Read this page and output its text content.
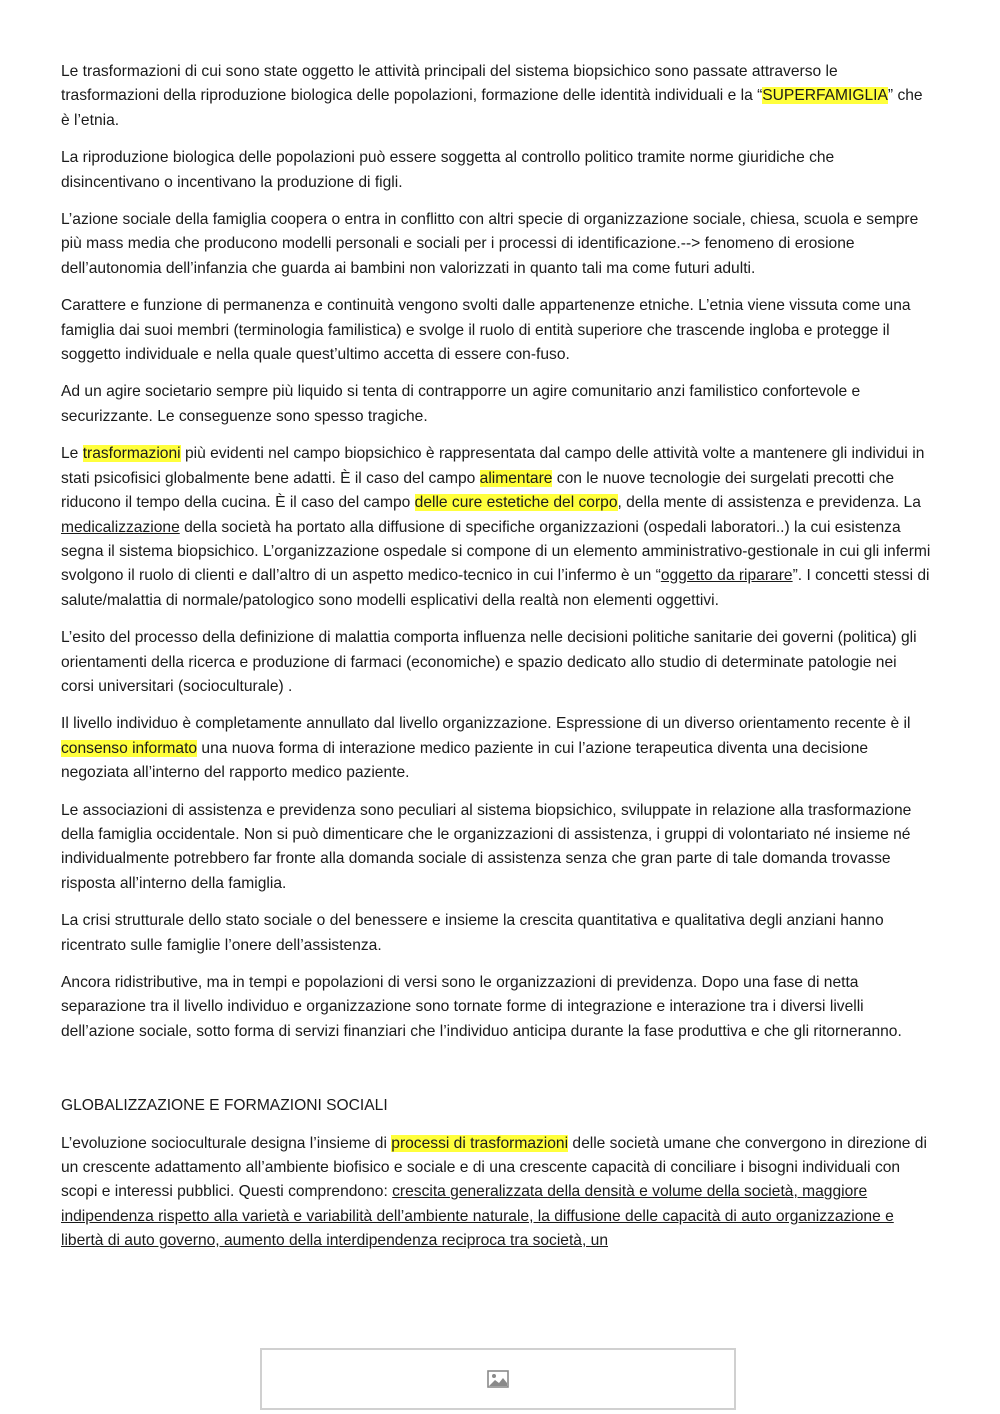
Le trasformazioni di cui sono state oggetto le attività principali del sistema biopsichico sono passate attraverso le trasformazioni della riproduzione biologica delle popolazioni, formazione delle identità individuali e la “SUPERFAMIGLIA” che è l’etnia.

La riproduzione biologica delle popolazioni può essere soggetta al controllo politico tramite norme giuridiche che disincentivano o incentivano la produzione di figli.

L’azione sociale della famiglia coopera o entra in conflitto con altri specie di organizzazione sociale, chiesa, scuola e sempre più mass media che producono modelli personali e sociali per i processi di identificazione.--> fenomeno di erosione dell’autonomia dell’infanzia che guarda ai bambini non valorizzati in quanto tali ma come futuri adulti.

Carattere e funzione di permanenza e continuità vengono svolti dalle appartenenze etniche. L’etnia viene vissuta come una famiglia dai suoi membri (terminologia familistica) e svolge il ruolo di entità superiore che trascende ingloba e protegge il soggetto individuale e nella quale quest’ultimo accetta di essere con-fuso.

Ad un agire societario sempre più liquido si tenta di contrapporre un agire comunitario anzi familistico confortevole e securizzante. Le conseguenze sono spesso tragiche.

Le trasformazioni più evidenti nel campo biopsichico è rappresentata dal campo delle attività volte a mantenere gli individui in stati psicofisici globalmente bene adatti. È il caso del campo alimentare con le nuove tecnologie dei surgelati precotti che riducono il tempo della cucina. È il caso del campo delle cure estetiche del corpo, della mente di assistenza e previdenza. La medicalizzazione della società ha portato alla diffusione di specifiche organizzazioni (ospedali laboratori..) la cui esistenza segna il sistema biopsichico. L’organizzazione ospedale si compone di un elemento amministrativo-gestionale in cui gli infermi svolgono il ruolo di clienti e dall’altro di un aspetto medico-tecnico in cui l’infermo è un “oggetto da riparare”. I concetti stessi di salute/malattia di normale/patologico sono modelli esplicativi della realtà non elementi oggettivi.

L’esito del processo della definizione di malattia comporta influenza nelle decisioni politiche sanitarie dei governi (politica) gli orientamenti della ricerca e produzione di farmaci (economiche) e spazio dedicato allo studio di determinate patologie nei corsi universitari (socioculturale) .

Il livello individuo è completamente annullato dal livello organizzazione. Espressione di un diverso orientamento recente è il consenso informato una nuova forma di interazione medico paziente in cui l’azione terapeutica diventa una decisione negoziata all’interno del rapporto medico paziente.

Le associazioni di assistenza e previdenza sono peculiari al sistema biopsichico, sviluppate in relazione alla trasformazione della famiglia occidentale. Non si può dimenticare che le organizzazioni di assistenza, i gruppi di volontariato né insieme né individualmente potrebbero far fronte alla domanda sociale di assistenza senza che gran parte di tale domanda trovasse risposta all’interno della famiglia.

La crisi strutturale dello stato sociale o del benessere e insieme la crescita quantitativa e qualitativa degli anziani hanno ricentrato sulle famiglie l’onere dell’assistenza.

Ancora ridistributive, ma in tempi e popolazioni di versi sono le organizzazioni di previdenza. Dopo una fase di netta separazione tra il livello individuo e organizzazione sono tornate forme di integrazione e interazione tra i diversi livelli dell’azione sociale, sotto forma di servizi finanziari che l’individuo anticipa durante la fase produttiva e che gli ritorneranno.

GLOBALIZZAZIONE E FORMAZIONI SOCIALI

L’evoluzione socioculturale designa l’insieme di processi di trasformazioni delle società umane che convergono in direzione di un crescente adattamento all’ambiente biofisico e sociale e di una crescente capacità di conciliare i bisogni individuali con scopi e interessi pubblici. Questi comprendono: crescita generalizzata della densità e volume della società, maggiore indipendenza rispetto alla varietà e variabilità dell’ambiente naturale, la diffusione delle capacità di auto organizzazione e libertà di auto governo, aumento della interdipendenza reciproca tra società, un
